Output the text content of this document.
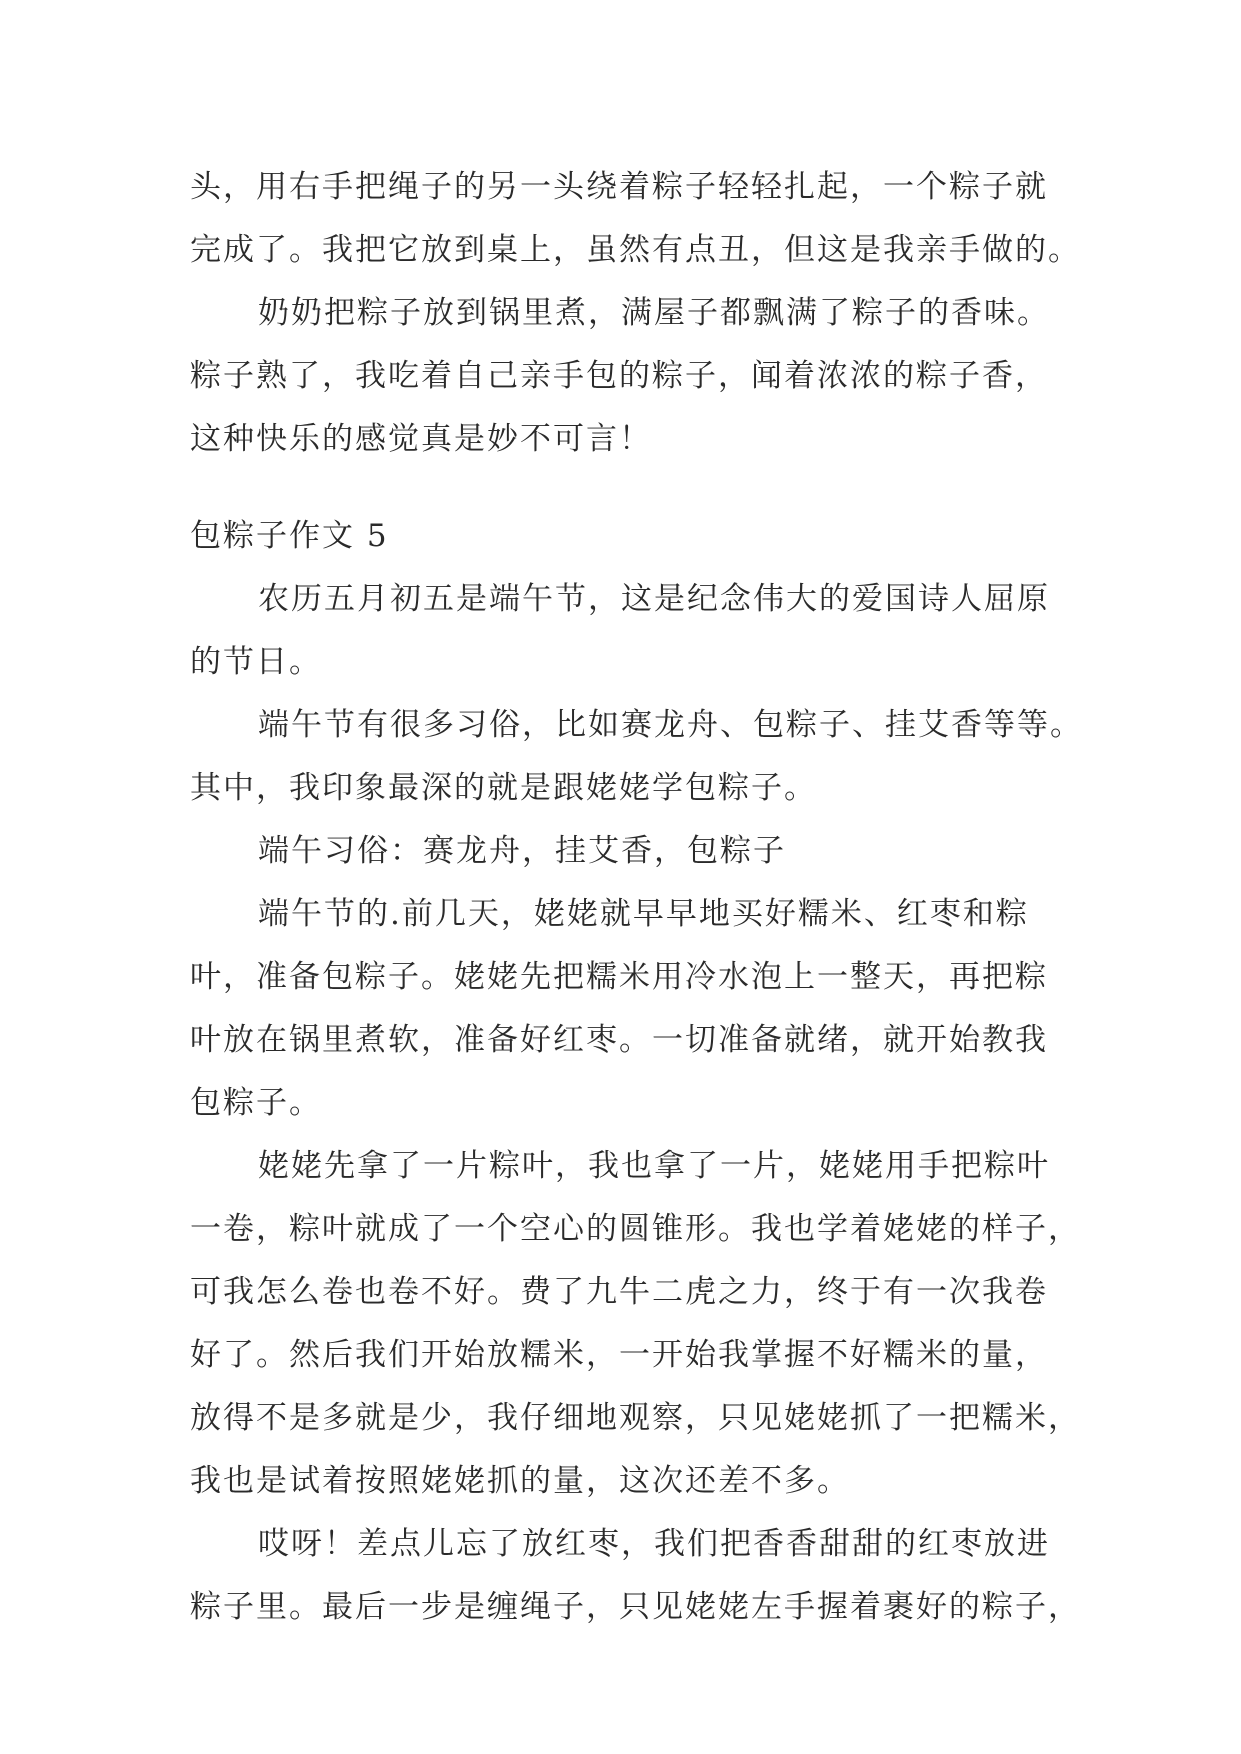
头，用右手把绳子的另一头绕着粽子轻轻扎起，一个粽子就
完成了。我把它放到桌上，虽然有点丑，但这是我亲手做的。
奶奶把粽子放到锅里煮，满屋子都飘满了粽子的香味。
粽子熟了，我吃着自己亲手包的粽子，闻着浓浓的粽子香，
这种快乐的感觉真是妙不可言！
包粽子作文 5
农历五月初五是端午节，这是纪念伟大的爱国诗人屈原
的节日。
端午节有很多习俗，比如赛龙舟、包粽子、挂艾香等等。
其中，我印象最深的就是跟姥姥学包粽子。
端午习俗：赛龙舟，挂艾香，包粽子
端午节的.前几天，姥姥就早早地买好糯米、红枣和粽
叶，准备包粽子。姥姥先把糯米用冷水泡上一整天，再把粽
叶放在锅里煮软，准备好红枣。一切准备就绪，就开始教我
包粽子。
姥姥先拿了一片粽叶，我也拿了一片，姥姥用手把粽叶
一卷，粽叶就成了一个空心的圆锥形。我也学着姥姥的样子，
可我怎么卷也卷不好。费了九牛二虎之力，终于有一次我卷
好了。然后我们开始放糯米，一开始我掌握不好糯米的量，
放得不是多就是少，我仔细地观察，只见姥姥抓了一把糯米，
我也是试着按照姥姥抓的量，这次还差不多。
哎呀！差点儿忘了放红枣，我们把香香甜甜的红枣放进
粽子里。最后一步是缠绳子，只见姥姥左手握着裹好的粽子，
